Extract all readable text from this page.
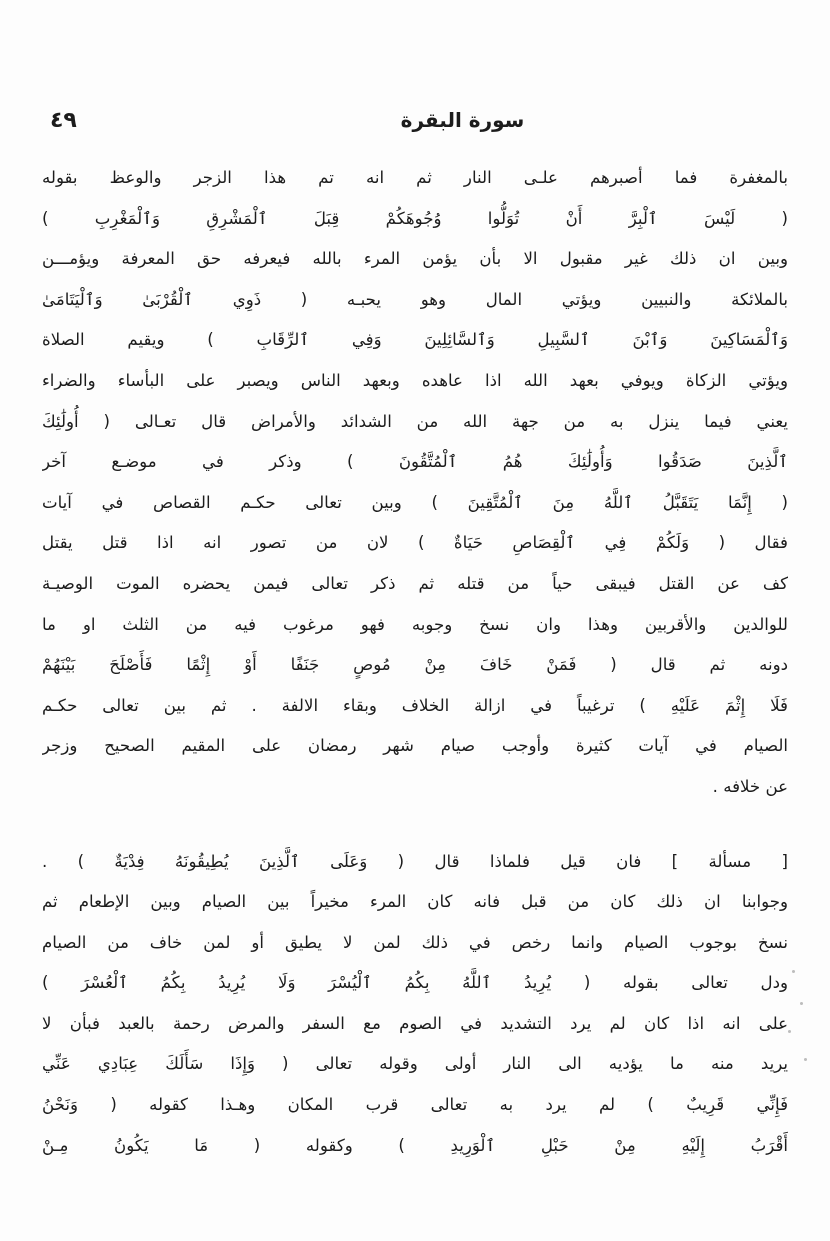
٤٩	سورة البقرة
بالمغفرة فما أصبرهم علـى النار ثم انه تم هذا الزجر والوعظ بقوله
( لَيْسَ ٱلْبِرَّ أَنْ تُوَلُّوا وُجُوهَكُمْ قِبَلَ ٱلْمَشْرِقِ وَٱلْمَغْرِبِ )
وبين ان ذلك غير مقبول الا بأن يؤمن المرء بالله فيعرفه حق المعرفة ويؤمـــن
بالملائكة والنبيين ويؤتي المال وهو يحبـه ( ذَوِي ٱلْقُرْبَىٰ وَٱلْيَتَامَىٰ
وَٱلْمَسَاكِينَ وَٱبْنَ ٱلسَّبِيلِ وَٱلسَّائِلِينَ وَفِي ٱلرِّقَابِ ) ويقيم الصلاة
ويؤتي الزكاة ويوفي بعهد الله اذا عاهده وبعهد الناس ويصبر على البأساء والضراء
يعني فيما ينزل به من جهة الله من الشدائد والأمراض قال تعـالى ( أُولَٰئِكَ
ٱلَّذِينَ صَدَقُوا وَأُولَٰئِكَ هُمُ ٱلْمُتَّقُونَ ) وذكر في موضـع آخر
( إِنَّمَا يَتَقَبَّلُ ٱللَّهُ مِنَ ٱلْمُتَّقِينَ ) وبين تعالى حكـم القصاص في آيات
فقال ( وَلَكُمْ فِي ٱلْقِصَاصِ حَيَاةٌ ) لان من تصور انه اذا قتل يقتل
كف عن القتل فيبقى حياً من قتله ثم ذكر تعالى فيمن يحضره الموت الوصيـة
للوالدين والأقربين وهذا وان نسخ وجوبه فهو مرغوب فيه من الثلث او ما
دونه ثم قال ( فَمَنْ خَافَ مِنْ مُوصٍ جَنَفًا أَوْ إِثْمًا فَأَصْلَحَ بَيْنَهُمْ
فَلَا إِثْمَ عَلَيْهِ ) ترغيباً في ازالة الخلاف وبقاء الالفة . ثم بين تعالى حكـم
الصيام في آيات كثيرة وأوجب صيام شهر رمضان على المقيم الصحيح وزجر
عن خلافه .
[ مسألة ] فان قيل فلماذا قال ( وَعَلَى ٱلَّذِينَ يُطِيقُونَهُ فِدْيَةٌ ) .
وجوابنا ان ذلك كان من قبل فانه كان المرء مخيراً بين الصيام وبين الإطعام ثم
نسخ بوجوب الصيام وانما رخص في ذلك لمن لا يطيق أو لمن خاف من الصيام
ودل تعالى بقوله ( يُرِيدُ ٱللَّهُ بِكُمُ ٱلْيُسْرَ وَلَا يُرِيدُ بِكُمُ ٱلْعُسْرَ )
على انه اذا كان لم يرد التشديد في الصوم مع السفر والمرض رحمة بالعبد فبأن لا
يريد منه ما يؤديه الى النار أولى وقوله تعالى ( وَإِذَا سَأَلَكَ عِبَادِي عَنِّي
فَإِنِّي قَرِيبٌ ) لم يرد به تعالى قرب المكان وهـذا كقوله ( وَنَحْنُ
أَقْرَبُ إِلَيْهِ مِنْ حَبْلِ ٱلْوَرِيدِ ) وكقوله ( مَا يَكُونُ مِـنْ
